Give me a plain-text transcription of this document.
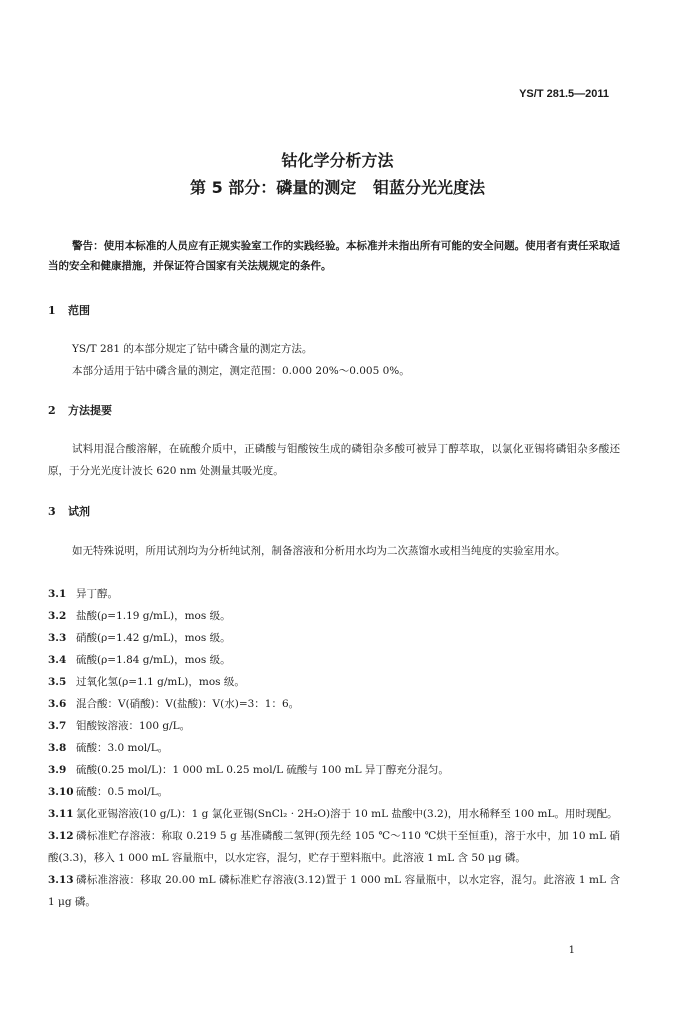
YS/T 281.5—2011
钴化学分析方法
第 5 部分：磷量的测定   钼蓝分光光度法
警告：使用本标准的人员应有正规实验室工作的实践经验。本标准并未指出所有可能的安全问题。使用者有责任采取适当的安全和健康措施，并保证符合国家有关法规规定的条件。
1 范围

YS/T 281 的本部分规定了钴中磷含量的测定方法。

本部分适用于钴中磷含量的测定，测定范围：0.000 20%～0.005 0%。

2 方法提要

试料用混合酸溶解，在硫酸介质中，正磷酸与钼酸铵生成的磷钼杂多酸可被异丁醇萃取，以氯化亚锡将磷钼杂多酸还原，于分光光度计波长 620 nm 处测量其吸光度。

3 试剂

如无特殊说明，所用试剂均为分析纯试剂，制备溶液和分析用水均为二次蒸馏水或相当纯度的实验室用水。

3.1 异丁醇。
3.2 盐酸(ρ=1.19 g/mL)，mos 级。
3.3 硝酸(ρ=1.42 g/mL)，mos 级。
3.4 硫酸(ρ=1.84 g/mL)，mos 级。
3.5 过氧化氢(ρ=1.1 g/mL)，mos 级。
3.6 混合酸：V(硝酸)：V(盐酸)：V(水)=3：1：6。
3.7 钼酸铵溶液：100 g/L。
3.8 硫酸：3.0 mol/L。
3.9 硫酸(0.25 mol/L)：1 000 mL 0.25 mol/L 硫酸与 100 mL 异丁醇充分混匀。
3.10 硫酸：0.5 mol/L。
3.11 氯化亚锡溶液(10 g/L)：1 g 氯化亚锡(SnCl₂ · 2H₂O)溶于 10 mL 盐酸中(3.2)，用水稀释至 100 mL。用时现配。
3.12 磷标准贮存溶液：称取 0.219 5 g 基准磷酸二氢钾(预先经 105 ℃～110 ℃烘干至恒重)，溶于水中，加 10 mL 硝酸(3.3)，移入 1 000 mL 容量瓶中，以水定容，混匀，贮存于塑料瓶中。此溶液 1 mL 含 50 μg 磷。
3.13 磷标准溶液：移取 20.00 mL 磷标准贮存溶液(3.12)置于 1 000 mL 容量瓶中，以水定容，混匀。此溶液 1 mL 含 1 μg 磷。
1
